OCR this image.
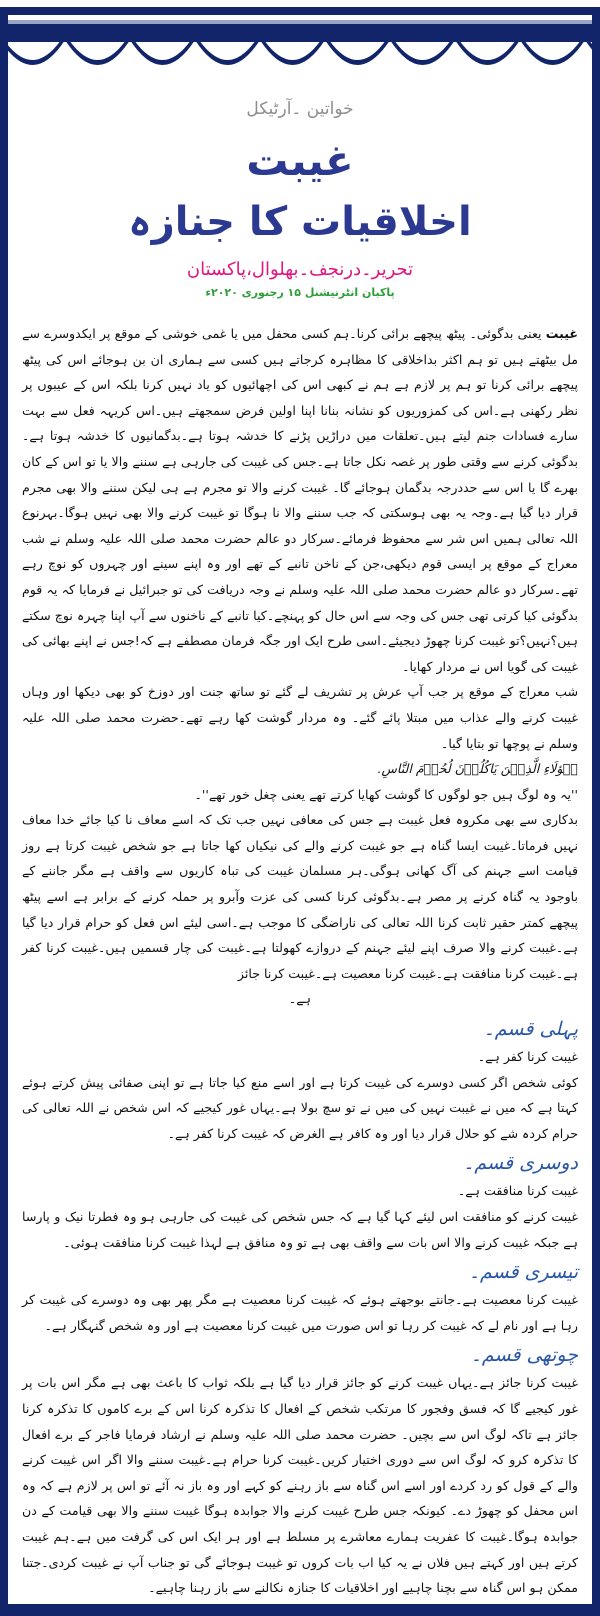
خواتین ۔آرٹیکل
غیبت
اخلاقیات کا جنازہ
تحریر۔درنجف۔بھلوال،پاکستان
پاکبان انٹرنیشنل ۱۵ رجنوری ۲۰۲۰ء

غیبت یعنی بدگوئی۔ پیٹھ پیچھے برائی کرنا۔ہم کسی محفل میں یا غمی خوشی کے موقع پر ایکدوسرے سے مل بیٹھتے ہیں تو ہم اکثر بداخلاقی کا مظاہرہ کرجاتے ہیں کسی سے ہماری ان بن ہوجائے اس کی پیٹھ پیچھے برائی کرنا تو ہم پر لازم ہے ہم نے کبھی اس کی اچھائیوں کو یاد نہیں کرنا بلکہ اس کے عیبوں پر نظر رکھنی ہے۔اس کی کمزوریوں کو نشانہ بنانا اپنا اولین فرض سمجھتے ہیں۔اس کریہہ فعل سے بہت سارے فسادات جنم لیتے ہیں۔تعلقات میں دراڑیں پڑنے کا خدشہ ہوتا ہے۔بدگمانیوں کا خدشہ ہوتا ہے۔بدگوئی کرنے سے وقتی طور پر غصہ نکل جاتا ہے۔جس کی غیبت کی جارہی ہے سننے والا یا تو اس کے کان بھرے گا یا اس سے حددرجہ بدگمان ہوجائے گا۔ غیبت کرنے والا تو مجرم ہے ہی لیکن سننے والا بھی مجرم قرار دیا گیا ہے۔وجہ یہ بھی ہوسکتی کہ جب سننے والا نا ہوگا تو غیبت کرنے والا بھی نہیں ہوگا۔بہرنوع اللہ تعالی ہمیں اس شر سے محفوظ فرمائے۔سرکار دو عالم حضرت محمد صلی اللہ علیہ وسلم نے شب معراج کے موقع پر ایسی قوم دیکھی،جن کے ناخن تانبے کے تھے اور وہ اپنے سینے اور چہروں کو نوچ رہے تھے۔سرکار دو عالم حضرت محمد صلی اللہ علیہ وسلم نے وجہ دریافت کی تو جبرائیل نے فرمایا کہ یہ قوم بدگوئی کیا کرتی تھی جس کی وجہ سے اس حال کو پہنچے۔کیا تانبے کے ناخنوں سے آپ اپنا چہرہ نوچ سکتے ہیں؟نہیں؟تو غیبت کرنا چھوڑ دیجیئے۔اسی طرح ایک اور جگہ فرمان مصطفے ہے کہ!جس نے اپنے بھائی کی غیبت کی گویا اس نے مردار کھایا۔

شب معراج کے موقع پر جب آپ عرش پر تشریف لے گئے تو ساتھ جنت اور دوزخ کو بھی دیکھا اور وہاں غیبت کرنے والے عذاب میں مبتلا پائے گئے۔ وہ مردار گوشت کھا رہے تھے۔حضرت محمد صلی اللہ علیہ وسلم نے پوچھا تو بتایا گیا۔

ہٰؤلَاءِ الَّذِیۡنَ یَاکُلُوۡنَ لُحُوۡمَ النَّاسِ.

''یہ وہ لوگ ہیں جو لوگوں کا گوشت کھایا کرتے تھے یعنی چغل خور تھے''۔

بدکاری سے بھی مکروہ فعل غیبت ہے جس کی معافی نہیں جب تک کہ اسے معاف نا کیا جائے خدا معاف نہیں فرماتا۔غیبت ایسا گناہ ہے جو غیبت کرنے والے کی نیکیاں کھا جاتا ہے جو شخص غیبت کرتا ہے روز قیامت اسے جہنم کی آگ کھانی ہوگی۔ہر مسلمان غیبت کی تباہ کاریوں سے واقف ہے مگر جاننے کے باوجود یہ گناہ کرنے پر مصر ہے۔بدگوئی کرنا کسی کی عزت وآبرو پر حملہ کرنے کے برابر ہے اسے پیٹھ پیچھے کمتر حقیر ثابت کرنا اللہ تعالی کی ناراضگی کا موجب ہے۔اسی لیئے اس فعل کو حرام قرار دیا گیا ہے۔غیبت کرنے والا صرف اپنے لیئے جہنم کے دروازے کھولتا ہے۔غیبت کی چار قسمیں ہیں۔غیبت کرنا کفر ہے۔غیبت کرنا منافقت ہے۔غیبت کرنا معصیت ہے۔غیبت کرنا جائز

ہے۔

پہلی قسم۔

غیبت کرنا کفر ہے۔

کوئی شخص اگر کسی دوسرے کی غیبت کرتا ہے اور اسے منع کیا جاتا ہے تو اپنی صفائی پیش کرتے ہوئے کہتا ہے کہ میں نے غیبت نہیں کی میں نے تو سچ بولا ہے۔یہاں غور کیجیے کہ اس شخص نے اللہ تعالی کی حرام کردہ شے کو حلال قرار دیا اور وہ کافر ہے الغرض کہ غیبت کرنا کفر ہے۔

دوسری قسم۔

غیبت کرنا منافقت ہے۔

غیبت کرنے کو منافقت اس لیئے کہا گیا ہے کہ جس شخص کی غیبت کی جارہی ہو وہ فطرتا نیک و پارسا ہے جبکہ غیبت کرنے والا اس بات سے واقف بھی ہے تو وہ منافق ہے لہذا غیبت کرنا منافقت ہوئی۔

تیسری قسم۔

غیبت کرنا معصیت ہے۔جانتے بوجھتے ہوئے کہ غیبت کرنا معصیت ہے مگر پھر بھی وہ دوسرے کی غیبت کر رہا ہے اور نام لے کہ غیبت کر رہا تو اس صورت میں غیبت کرنا معصیت ہے اور وہ شخص گنہگار ہے۔

چوتھی قسم۔

غیبت کرنا جائز ہے۔یہاں غیبت کرنے کو جائز قرار دیا گیا ہے بلکہ ثواب کا باعث بھی ہے مگر اس بات پر غور کیجیے گا کہ فسق وفجور کا مرتکب شخص کے افعال کا تذکرہ کرنا اس کے برے کاموں کا تذکرہ کرنا جائز ہے تاکہ لوگ اس سے بچیں۔ حضرت محمد صلی اللہ علیہ وسلم نے ارشاد فرمایا فاجر کے برے افعال کا تذکرہ کرو کہ لوگ اس سے دوری اختیار کریں۔غیبت کرنا حرام ہے۔غیبت سننے والا اگر اس غیبت کرنے والے کے قول کو رد کردے اور اسے اس گناہ سے باز رہنے کو کہے اور وہ باز نہ آئے تو اس پر لازم ہے کہ وہ اس محفل کو چھوڑ دے۔ کیونکہ جس طرح غیبت کرنے والا جوابدہ ہوگا غیبت سننے والا بھی قیامت کے دن جوابدہ ہوگا۔غیبت کا عفریت ہمارے معاشرے پر مسلط ہے اور ہر ایک اس کی گرفت میں ہے۔ہم غیبت کرتے ہیں اور کہتے ہیں فلاں نے یہ کیا اب بات کروں تو غیبت ہوجائے گی تو جناب آپ نے غیبت کردی۔جتنا ممکن ہو اس گناہ سے بچنا چاہیے اور اخلاقیات کا جنازہ نکالنے سے باز رہنا چاہیے۔
